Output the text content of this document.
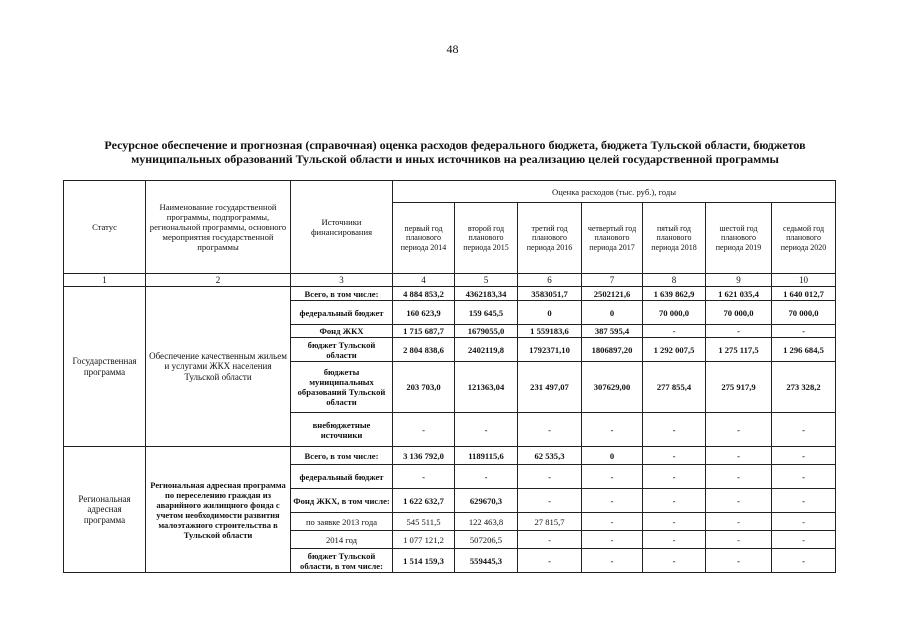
48
Ресурсное обеспечение и прогнозная (справочная) оценка расходов федерального бюджета, бюджета Тульской области, бюджетов
муниципальных образований Тульской области и иных источников на реализацию целей государственной программы
Статус	Наименование государственной программы, подпрограммы, региональной программы, основного мероприятия государственной программы	Источники финансирования	Оценка расходов (тыс. руб.), годы						
			первый год планового периода 2014	второй год планового периода 2015	третий год планового периода 2016	четвертый год планового периода 2017	пятый год планового периода 2018	шестой год планового периода 2019	седьмой год планового периода 2020
1	2	3	4	5	6	7	8	9	10
Государственная программа	Обеспечение качественным жильем и услугами ЖКХ населения Тульской области	Всего, в том числе:	4 884 853,2	4362183,34	3583051,7	2502121,6	1 639 862,9	1 621 035,4	1 640 012,7
		федеральный бюджет	160 623,9	159 645,5	0	0	70 000,0	70 000,0	70 000,0
		Фонд ЖКХ	1 715 687,7	1679055,0	1 559183,6	387 595,4	-	-	-
		бюджет Тульской области	2 804 838,6	2402119,8	1792371,10	1806897,20	1 292 007,5	1 275 117,5	1 296 684,5
		бюджеты муниципальных образований Тульской области	203 703,0	121363,04	231 497,07	307629,00	277 855,4	275 917,9	273 328,2
		внебюджетные источники	-	-	-	-	-	-	-
Региональная адресная программа	Региональная адресная программа по переселению граждан из аварийного жилищного фонда с учетом необходимости развития малоэтажного строительства в Тульской области	Всего, в том числе:	3 136 792,0	1189115,6	62 535,3	0	-	-	-
		федеральный бюджет	-	-	-	-	-	-	-
		Фонд ЖКХ, в том числе:	1 622 632,7	629670,3	-	-	-	-	-
		по заявке 2013 года	545 511,5	122 463,8	27 815,7	-	-	-	-
		2014 год	1 077 121,2	507206,5	-	-	-	-	-
		бюджет Тульской области, в том числе:	1 514 159,3	559445,3	-	-	-	-	-
